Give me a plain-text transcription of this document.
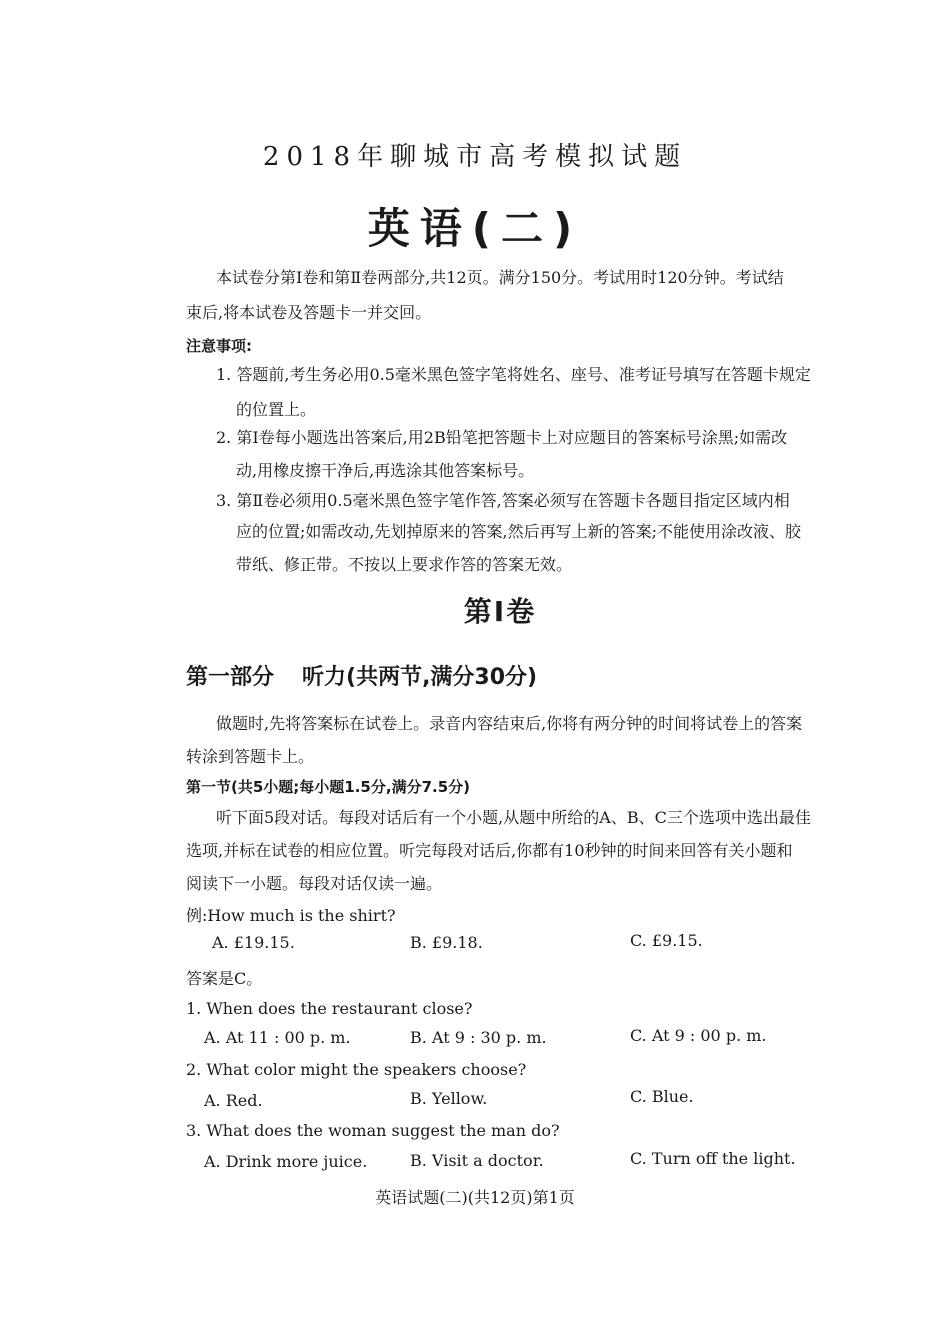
2018年聊城市高考模拟试题
英语(二)
本试卷分第Ⅰ卷和第Ⅱ卷两部分,共12页。满分150分。考试用时120分钟。考试结
束后,将本试卷及答题卡一并交回。
注意事项:
1. 答题前,考生务必用0.5毫米黑色签字笔将姓名、座号、准考证号填写在答题卡规定
的位置上。
2. 第Ⅰ卷每小题选出答案后,用2B铅笔把答题卡上对应题目的答案标号涂黑;如需改
动,用橡皮擦干净后,再选涂其他答案标号。
3. 第Ⅱ卷必须用0.5毫米黑色签字笔作答,答案必须写在答题卡各题目指定区域内相
应的位置;如需改动,先划掉原来的答案,然后再写上新的答案;不能使用涂改液、胶
带纸、修正带。不按以上要求作答的答案无效。
第Ⅰ卷
第一部分 听力(共两节,满分30分)
做题时,先将答案标在试卷上。录音内容结束后,你将有两分钟的时间将试卷上的答案
转涂到答题卡上。
第一节(共5小题;每小题1.5分,满分7.5分)
听下面5段对话。每段对话后有一个小题,从题中所给的A、B、C三个选项中选出最佳
选项,并标在试卷的相应位置。听完每段对话后,你都有10秒钟的时间来回答有关小题和
阅读下一小题。每段对话仅读一遍。
例:How much is the shirt?
A. £19.15.	B. £9.18.	C. £9.15.
答案是C。
1. When does the restaurant close?
A. At 11 : 00 p. m.	B. At 9 : 30 p. m.	C. At 9 : 00 p. m.
2. What color might the speakers choose?
A. Red.	B. Yellow.	C. Blue.
3. What does the woman suggest the man do?
A. Drink more juice.	B. Visit a doctor.	C. Turn off the light.
英语试题(二)(共12页)第1页
